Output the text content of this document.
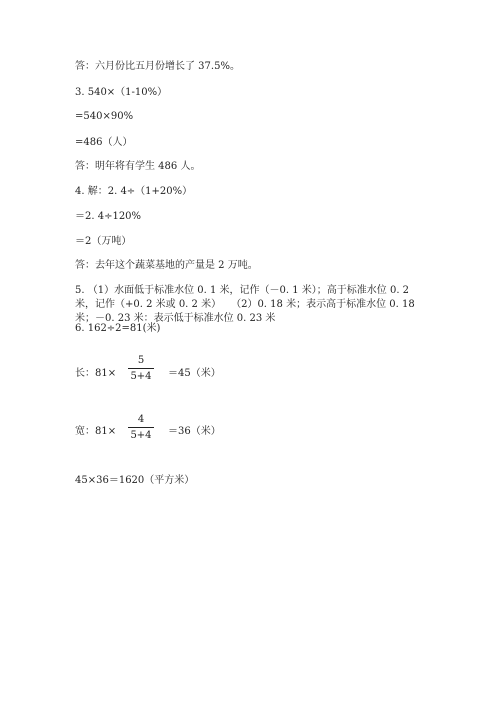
答：六月份比五月份增长了 37.5%。
3. 540×（1-10%）
=540×90%
=486（人）
答：明年将有学生 486 人。
4. 解：2. 4÷（1+20%）
＝2. 4÷120%
＝2（万吨）
答：去年这个蔬菜基地的产量是 2 万吨。
5. （1）水面低于标准水位 0. 1 米，记作（－0. 1 米）；高于标准水位 0. 2 米，记作（+0. 2 米或 0. 2 米）　　（2）0. 18 米；表示高于标准水位 0. 18 米；－0. 23 米：表示低于标准水位 0. 23 米
6. 162÷2=81(米)
长：81×
5
5+4 ＝45（米）
宽：81×
4
5+4 ＝36（米）
45×36＝1620（平方米）
